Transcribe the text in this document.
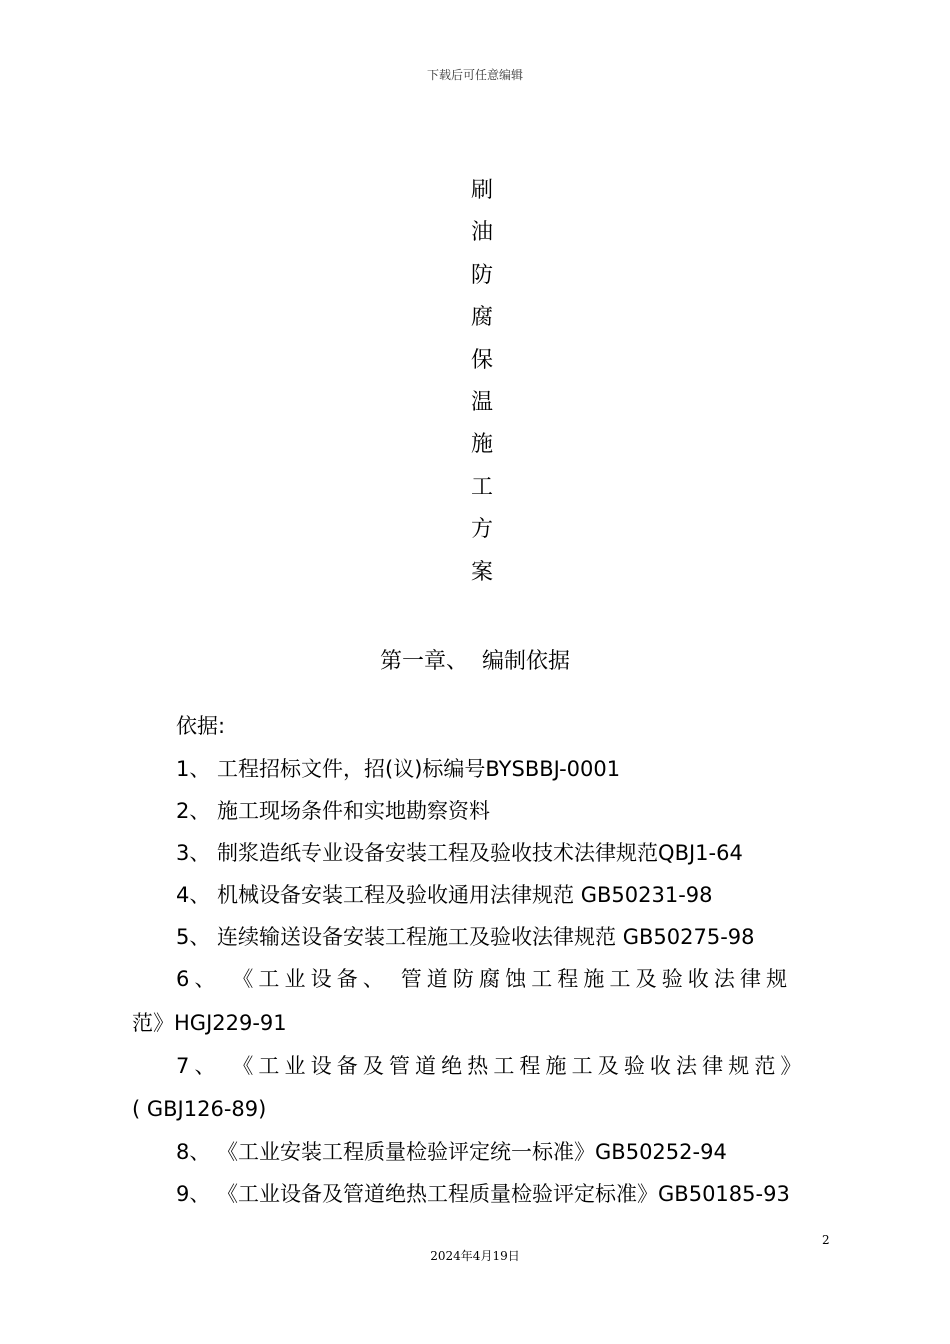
下载后可任意编辑
刷
油
防
腐
保
温
施
工
方
案
第一章、  编制依据
依据:
1、 工程招标文件，招(议)标编号BYSBBJ-0001
2、 施工现场条件和实地勘察资料
3、 制浆造纸专业设备安装工程及验收技术法律规范QBJ1-64
4、 机械设备安装工程及验收通用法律规范 GB50231-98
5、 连续输送设备安装工程施工及验收法律规范 GB50275-98
6、 《工业设备、 管道防腐蚀工程施工及验收法律规
范》HGJ229-91
7、 《工业设备及管道绝热工程施工及验收法律规范》
( GBJ126-89)
8、 《工业安装工程质量检验评定统一标准》GB50252-94
9、 《工业设备及管道绝热工程质量检验评定标准》GB50185-93
2
2024年4月19日
